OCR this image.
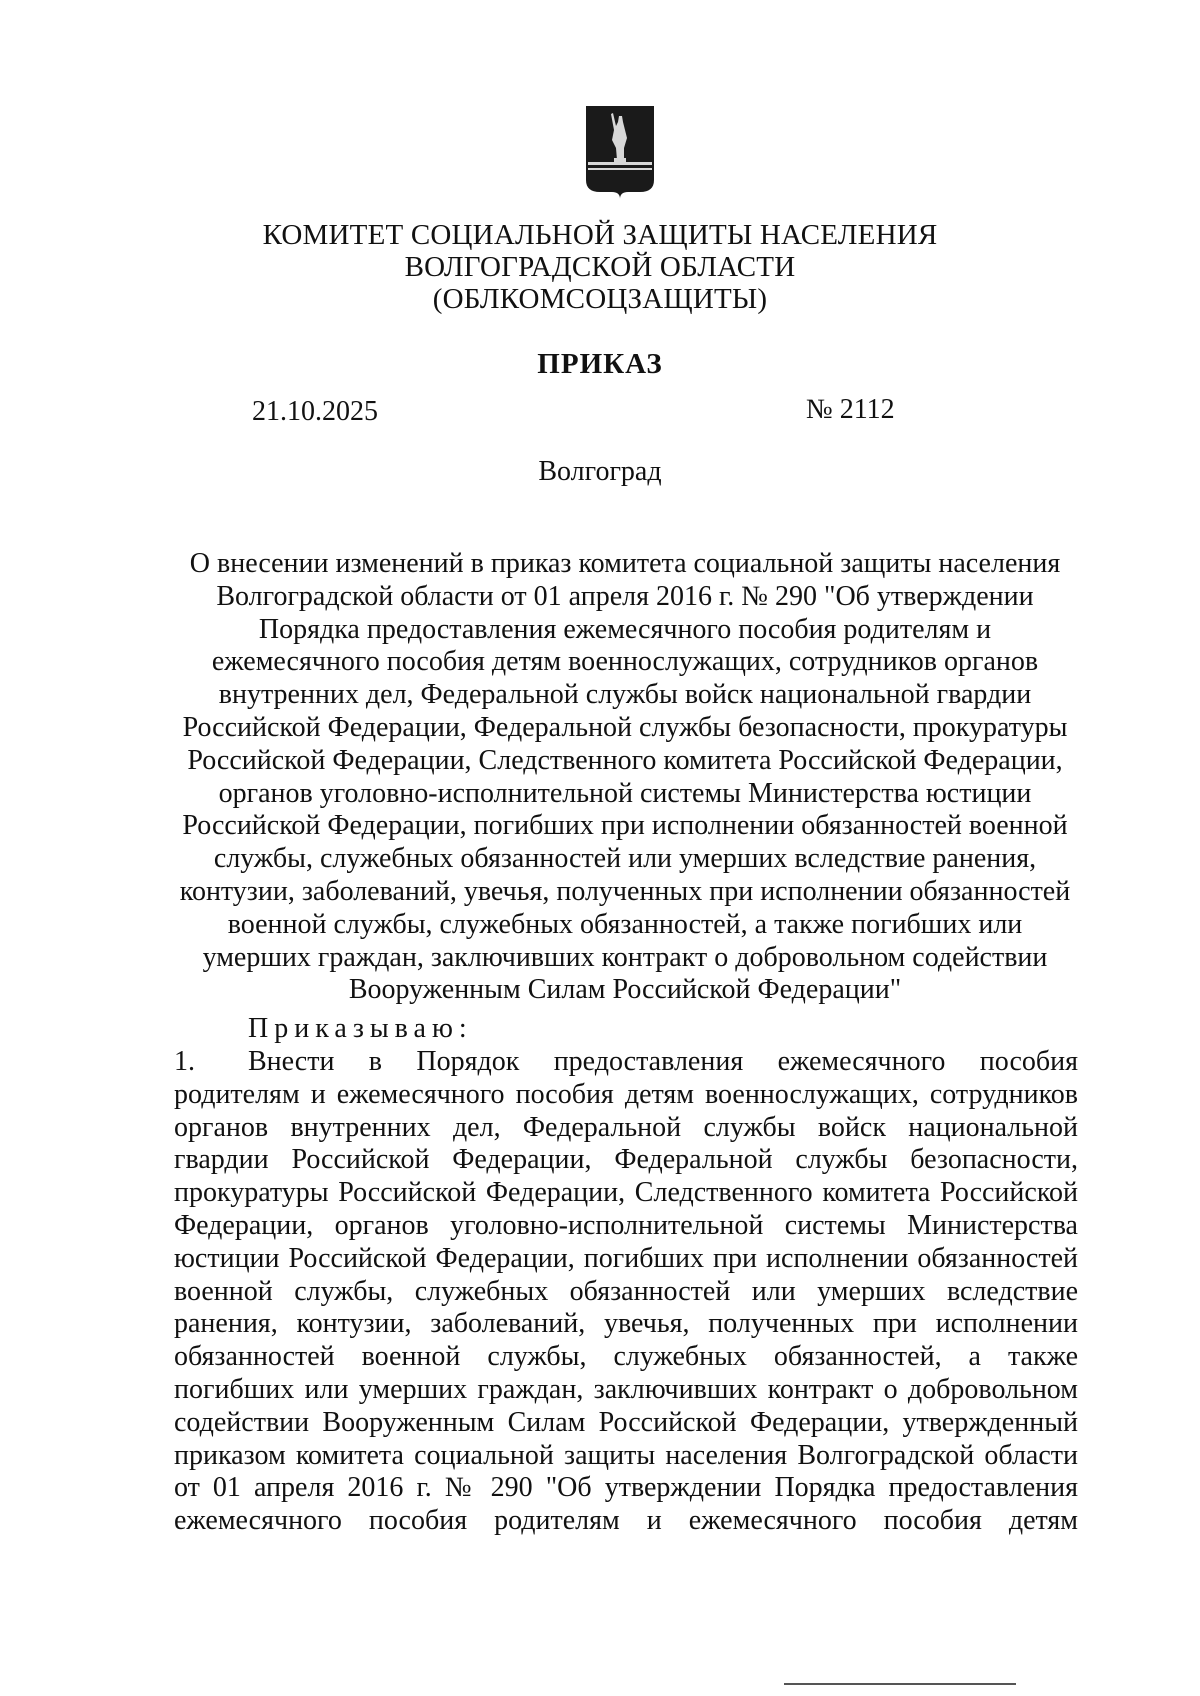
КОМИТЕТ СОЦИАЛЬНОЙ ЗАЩИТЫ НАСЕЛЕНИЯ
ВОЛГОГРАДСКОЙ ОБЛАСТИ
(ОБЛКОМСОЦЗАЩИТЫ)
ПРИКАЗ
21.10.2025	№ 2112
Волгоград
О внесении изменений в приказ комитета социальной защиты населения
Волгоградской области от 01 апреля 2016 г. № 290 "Об утверждении
Порядка предоставления ежемесячного пособия родителям и
ежемесячного пособия детям военнослужащих, сотрудников органов
внутренних дел, Федеральной службы войск национальной гвардии
Российской Федерации, Федеральной службы безопасности, прокуратуры
Российской Федерации, Следственного комитета Российской Федерации,
органов уголовно-исполнительной системы Министерства юстиции
Российской Федерации, погибших при исполнении обязанностей военной
службы, служебных обязанностей или умерших вследствие ранения,
контузии, заболеваний, увечья, полученных при исполнении обязанностей
военной службы, служебных обязанностей, а также погибших или
умерших граждан, заключивших контракт о добровольном содействии
Вооруженным Силам Российской Федерации"
Приказываю:
1. Внести в Порядок предоставления ежемесячного пособия
родителям и ежемесячного пособия детям военнослужащих, сотрудников
органов внутренних дел, Федеральной службы войск национальной
гвардии Российской Федерации, Федеральной службы безопасности,
прокуратуры Российской Федерации, Следственного комитета Российской
Федерации, органов уголовно-исполнительной системы Министерства
юстиции Российской Федерации, погибших при исполнении обязанностей
военной службы, служебных обязанностей или умерших вследствие
ранения, контузии, заболеваний, увечья, полученных при исполнении
обязанностей военной службы, служебных обязанностей, а также
погибших или умерших граждан, заключивших контракт о добровольном
содействии Вооруженным Силам Российской Федерации, утвержденный
приказом комитета социальной защиты населения Волгоградской области
от 01 апреля 2016 г. № 290 "Об утверждении Порядка предоставления
ежемесячного пособия родителям и ежемесячного пособия детям
